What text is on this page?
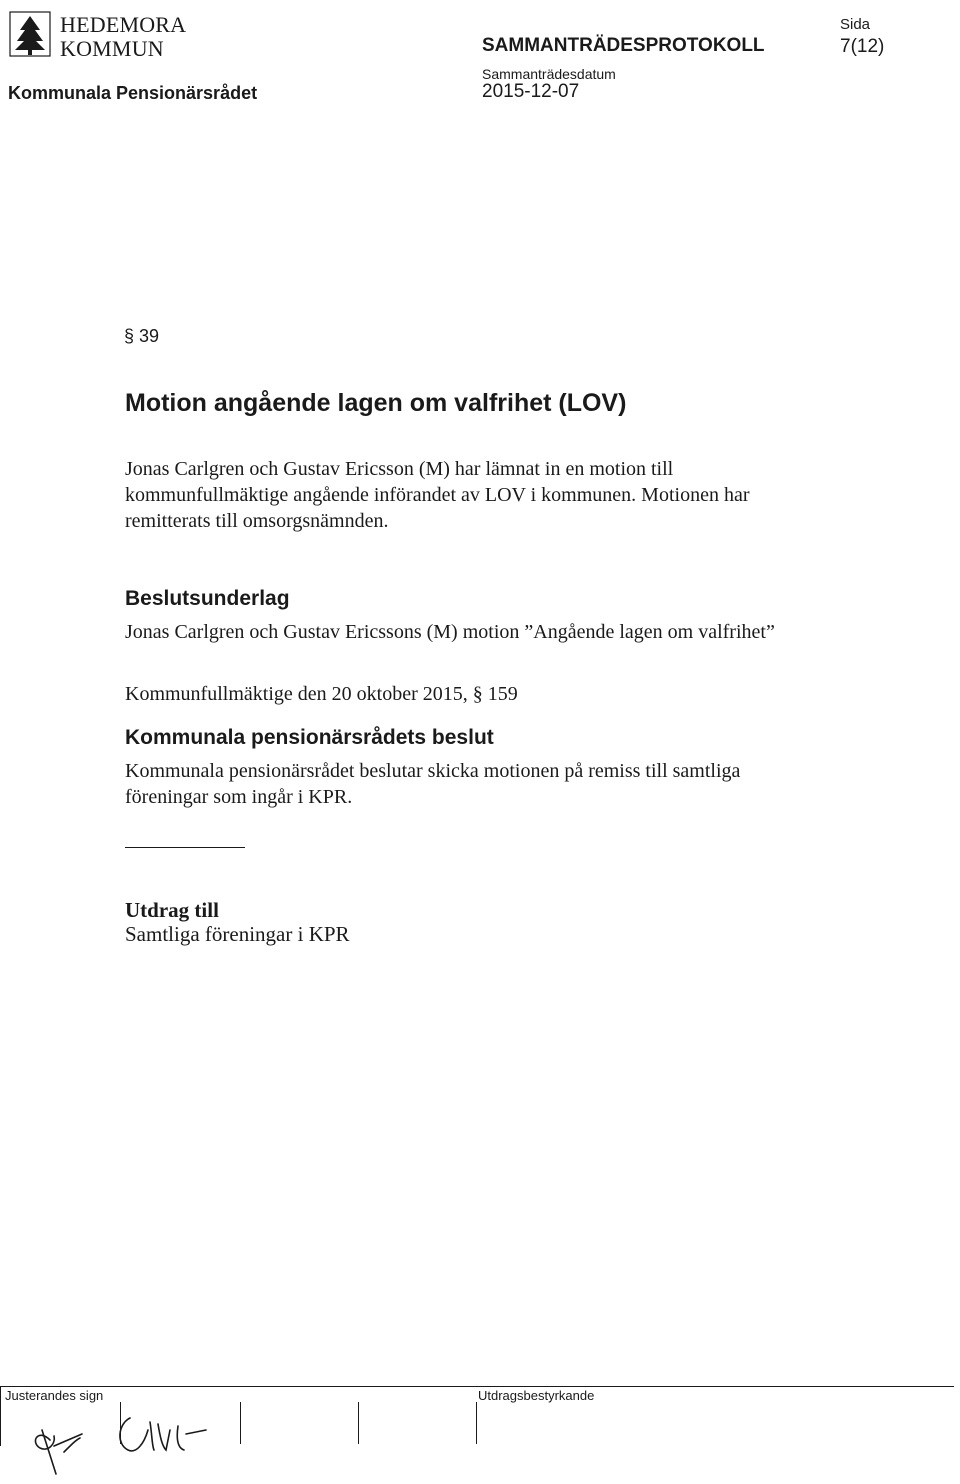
HEDEMORA
KOMMUN	SAMMANTRÄDESPROTOKOLL
Sida
7(12)
Kommunala Pensionärsrådet
Sammanträdesdatum
2015-12-07
§ 39
Motion angående lagen om valfrihet (LOV)
Jonas Carlgren och Gustav Ericsson (M) har lämnat in en motion till kommunfullmäktige angående införandet av LOV i kommunen. Motionen har remitterats till omsorgsnämnden.
Beslutsunderlag
Jonas Carlgren och Gustav Ericssons (M) motion ”Angående lagen om valfrihet”
Kommunfullmäktige den 20 oktober 2015, § 159
Kommunala pensionärsrådets beslut
Kommunala pensionärsrådet beslutar skicka motionen på remiss till samtliga föreningar som ingår i KPR.
Utdrag till
Samtliga föreningar i KPR
Justerandes sign	Utdragsbestyrkande
